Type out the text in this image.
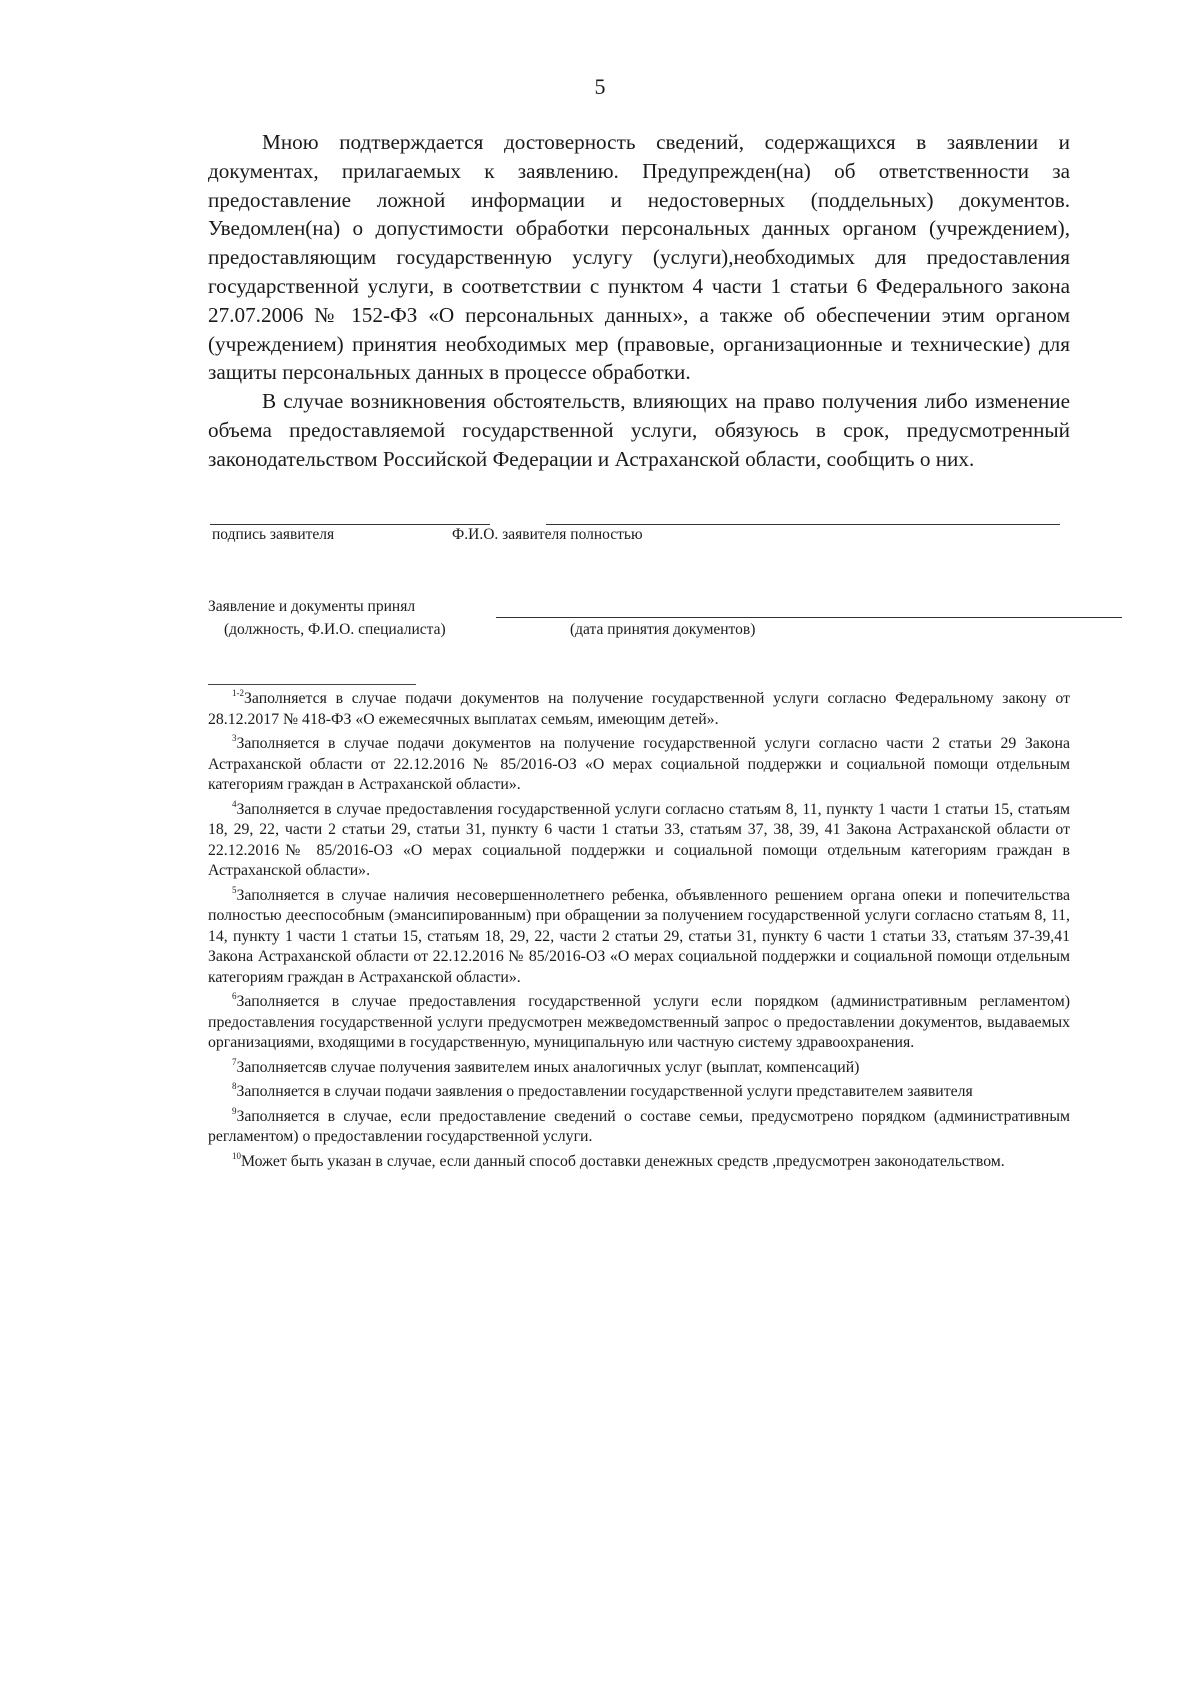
5

Мною подтверждается достоверность сведений, содержащихся в заявлении и документах, прилагаемых к заявлению. Предупрежден(на) об ответственности за предоставление ложной информации и недостоверных (поддельных) документов. Уведомлен(на) о допустимости обработки персональных данных органом (учреждением), предоставляющим государственную услугу (услуги),необходимых для предоставления государственной услуги, в соответствии с пунктом 4 части 1 статьи 6 Федерального закона 27.07.2006 № 152-ФЗ «О персональных данных», а также об обеспечении этим органом (учреждением) принятия необходимых мер (правовые, организационные и технические) для защиты персональных данных в процессе обработки.

В случае возникновения обстоятельств, влияющих на право получения либо изменение объема предоставляемой государственной услуги, обязуюсь в срок, предусмотренный законодательством Российской Федерации и Астраханской области, сообщить о них.

подпись заявителя	Ф.И.О. заявителя полностью
Заявление и документы принял
(должность, Ф.И.О. специалиста)	(дата принятия документов)

$^{1-2}$Заполняется в случае подачи документов на получение государственной услуги согласно Федеральному закону от 28.12.2017 № 418-ФЗ «О ежемесячных выплатах семьям, имеющим детей».

$^3$Заполняется в случае подачи документов на получение государственной услуги согласно части 2 статьи 29 Закона Астраханской области от 22.12.2016 № 85/2016-ОЗ «О мерах социальной поддержки и социальной помощи отдельным категориям граждан в Астраханской области».

$^4$Заполняется в случае предоставления государственной услуги согласно статьям 8, 11, пункту 1 части 1 статьи 15, статьям 18, 29, 22, части 2 статьи 29, статьи 31, пункту 6 части 1 статьи 33, статьям 37, 38, 39, 41 Закона Астраханской области от 22.12.2016№ 85/2016-ОЗ «О мерах социальной поддержки и социальной помощи отдельным категориям граждан в Астраханской области».

$^5$Заполняется в случае наличия несовершеннолетнего ребенка, объявленного решением органа опеки и попечительства полностью дееспособным (эмансипированным) при обращении за получением государственной услуги согласно статьям 8, 11, 14, пункту 1 части 1 статьи 15, статьям 18, 29, 22, части 2 статьи 29, статьи 31, пункту 6 части 1 статьи 33, статьям 37-39,41 Закона Астраханской области от 22.12.2016 № 85/2016-ОЗ «О мерах социальной поддержки и социальной помощи отдельным категориям граждан в Астраханской области».

$^6$Заполняется в случае предоставления государственной услуги если порядком (административным регламентом) предоставления государственной услуги предусмотрен межведомственный запрос о предоставлении документов, выдаваемых организациями, входящими в государственную, муниципальную или частную систему здравоохранения.

$^7$Заполняетсяв случае получения заявителем иных аналогичных услуг (выплат, компенсаций)

$^8$Заполняется в случаи подачи заявления о предоставлении государственной услуги представителем заявителя

$^9$Заполняется в случае, если предоставление сведений о составе семьи, предусмотрено порядком (административным регламентом) о предоставлении государственной услуги.

$^{10}$Может быть указан в случае, если данный способ доставки денежных средств ,предусмотрен законодательством.
